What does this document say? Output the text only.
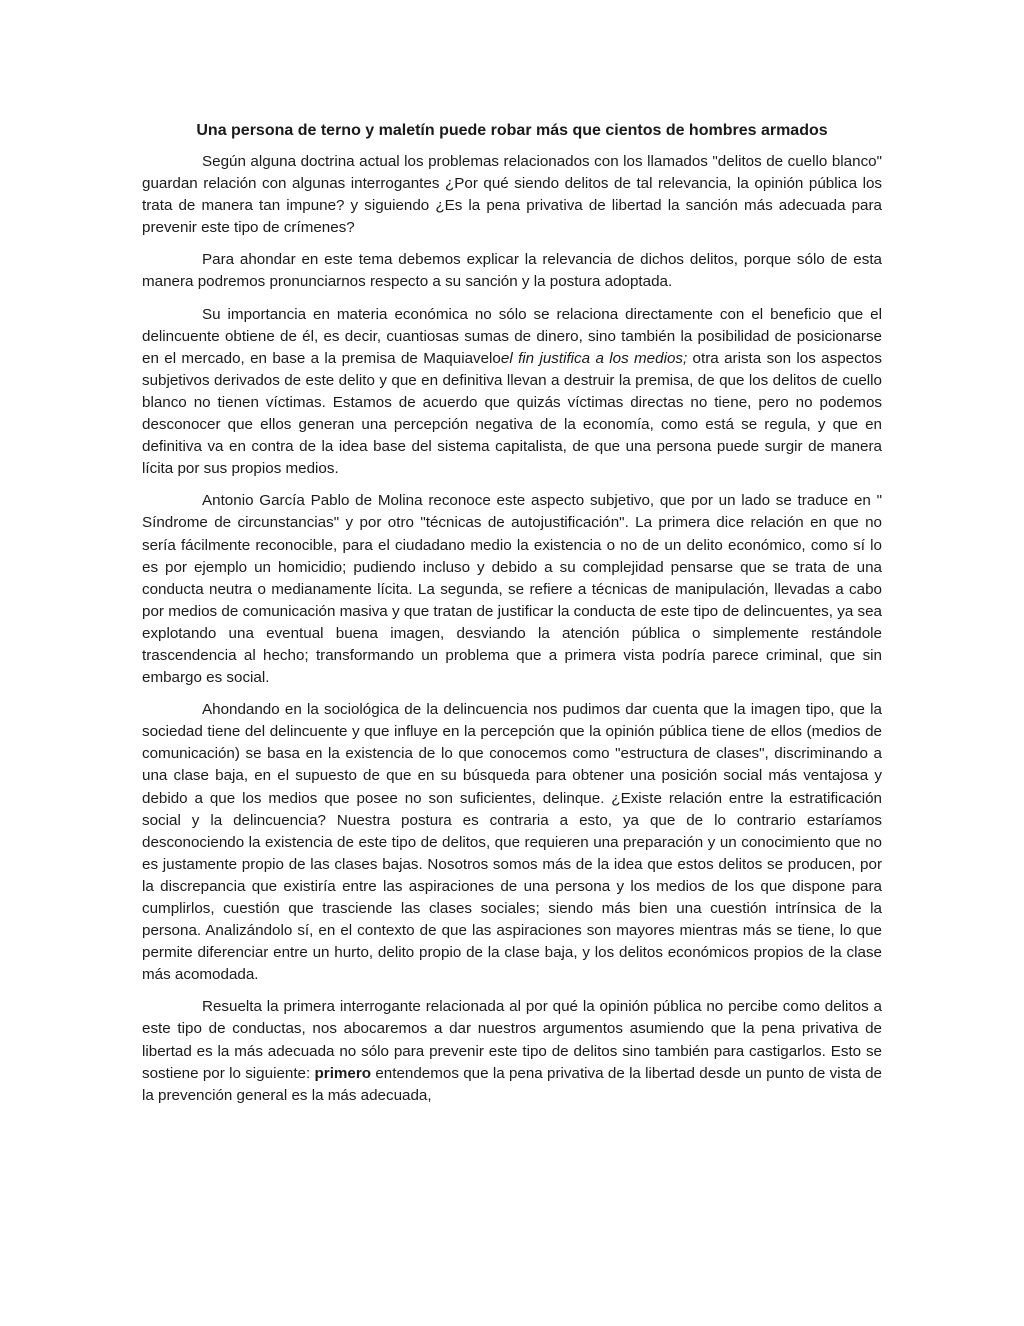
Una persona de terno y maletín puede robar más que cientos de hombres armados

Según alguna doctrina actual los problemas relacionados con los llamados "delitos de cuello blanco" guardan relación con algunas interrogantes ¿Por qué siendo delitos de tal relevancia, la opinión pública los trata de manera tan impune? y siguiendo ¿Es la pena privativa de libertad la sanción más adecuada para prevenir este tipo de crímenes?

Para ahondar en este tema debemos explicar la relevancia de dichos delitos, porque sólo de esta manera podremos pronunciarnos respecto a su sanción y la postura adoptada.

Su importancia en materia económica no sólo se relaciona directamente con el beneficio que el delincuente obtiene de él, es decir, cuantiosas sumas de dinero, sino también la posibilidad de posicionarse en el mercado, en base a la premisa de Maquiaveloel fin justifica a los medios; otra arista son los aspectos subjetivos derivados de este delito y que en definitiva llevan a destruir la premisa, de que los delitos de cuello blanco no tienen víctimas. Estamos de acuerdo que quizás víctimas directas no tiene, pero no podemos desconocer que ellos generan una percepción negativa de la economía, como está se regula, y que en definitiva va en contra de la idea base del sistema capitalista, de que una persona puede surgir de manera lícita por sus propios medios.

Antonio García Pablo de Molina reconoce este aspecto subjetivo, que por un lado se traduce en " Síndrome de circunstancias" y por otro "técnicas de autojustificación". La primera dice relación en que no sería fácilmente reconocible, para el ciudadano medio la existencia o no de un delito económico, como sí lo es por ejemplo un homicidio; pudiendo incluso y debido a su complejidad pensarse que se trata de una conducta neutra o medianamente lícita. La segunda, se refiere a técnicas de manipulación, llevadas a cabo por medios de comunicación masiva y que tratan de justificar la conducta de este tipo de delincuentes, ya sea explotando una eventual buena imagen, desviando la atención pública o simplemente restándole trascendencia al hecho; transformando un problema que a primera vista podría parece criminal, que sin embargo es social.

Ahondando en la sociológica de la delincuencia nos pudimos dar cuenta que la imagen tipo, que la sociedad tiene del delincuente y que influye en la percepción que la opinión pública tiene de ellos (medios de comunicación) se basa en la existencia de lo que conocemos como "estructura de clases", discriminando a una clase baja, en el supuesto de que en su búsqueda para obtener una posición social más ventajosa y debido a que los medios que posee no son suficientes, delinque. ¿Existe relación entre la estratificación social y la delincuencia? Nuestra postura es contraria a esto, ya que de lo contrario estaríamos desconociendo la existencia de este tipo de delitos, que requieren una preparación y un conocimiento que no es justamente propio de las clases bajas. Nosotros somos más de la idea que estos delitos se producen, por la discrepancia que existiría entre las aspiraciones de una persona y los medios de los que dispone para cumplirlos, cuestión que trasciende las clases sociales; siendo más bien una cuestión intrínsica de la persona. Analizándolo sí, en el contexto de que las aspiraciones son mayores mientras más se tiene, lo que permite diferenciar entre un hurto, delito propio de la clase baja, y los delitos económicos propios de la clase más acomodada.

Resuelta la primera interrogante relacionada al por qué la opinión pública no percibe como delitos a este tipo de conductas, nos abocaremos a dar nuestros argumentos asumiendo que la pena privativa de libertad es la más adecuada no sólo para prevenir este tipo de delitos sino también para castigarlos. Esto se sostiene por lo siguiente: primero entendemos que la pena privativa de la libertad desde un punto de vista de la prevención general es la más adecuada,
